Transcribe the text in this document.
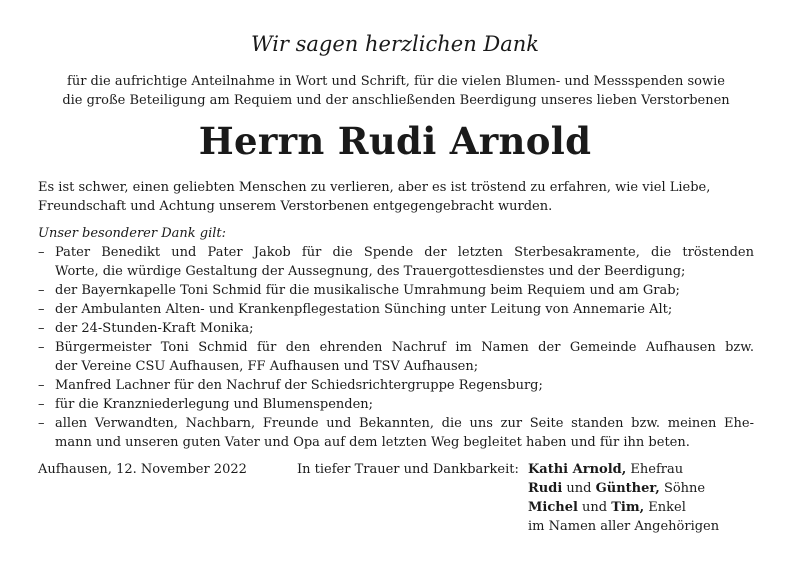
Wir sagen herzlichen Dank
für die aufrichtige Anteilnahme in Wort und Schrift, für die vielen Blumen- und Messspenden sowie
die große Beteiligung am Requiem und der anschließenden Beerdigung unseres lieben Verstorbenen
Herrn Rudi Arnold
Es ist schwer, einen geliebten Menschen zu verlieren, aber es ist tröstend zu erfahren, wie viel Liebe,
Freundschaft und Achtung unserem Verstorbenen entgegengebracht wurden.
Unser besonderer Dank gilt:
– Pater Benedikt und Pater Jakob für die Spende der letzten Sterbesakramente, die tröstenden
Worte, die würdige Gestaltung der Aussegnung, des Trauergottesdienstes und der Beerdigung;
– der Bayernkapelle Toni Schmid für die musikalische Umrahmung beim Requiem und am Grab;
– der Ambulanten Alten- und Krankenpflegestation Sünching unter Leitung von Annemarie Alt;
– der 24-Stunden-Kraft Monika;
– Bürgermeister Toni Schmid für den ehrenden Nachruf im Namen der Gemeinde Aufhausen bzw.
der Vereine CSU Aufhausen, FF Aufhausen und TSV Aufhausen;
– Manfred Lachner für den Nachruf der Schiedsrichtergruppe Regensburg;
– für die Kranzniederlegung und Blumenspenden;
– allen Verwandten, Nachbarn, Freunde und Bekannten, die uns zur Seite standen bzw. meinen Ehe-
mann und unseren guten Vater und Opa auf dem letzten Weg begleitet haben und für ihn beten.
Aufhausen, 12. November 2022	In tiefer Trauer und Dankbarkeit: Kathi Arnold, Ehefrau
Rudi und Günther, Söhne
Michel und Tim, Enkel
im Namen aller Angehörigen
